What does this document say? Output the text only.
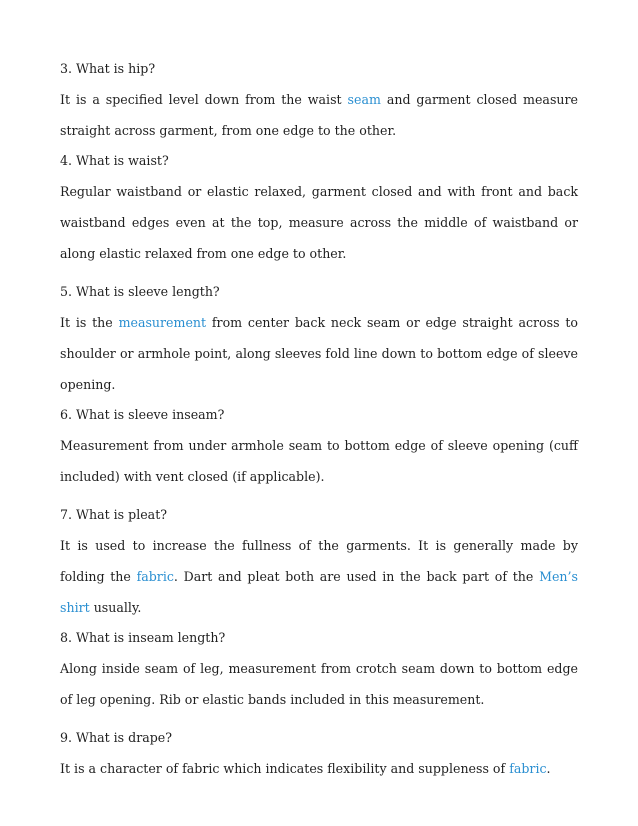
3. What is hip?

It is a specified level down from the waist seam and garment closed measure straight across garment, from one edge to the other.

4. What is waist?

Regular waistband or elastic relaxed, garment closed and with front and back waistband edges even at the top, measure across the middle of waistband or along elastic relaxed from one edge to other.

5. What is sleeve length?

It is the measurement from center back neck seam or edge straight across to shoulder or armhole point, along sleeves fold line down to bottom edge of sleeve opening.

6. What is sleeve inseam?

Measurement from under armhole seam to bottom edge of sleeve opening (cuff included) with vent closed (if applicable).

7. What is pleat?

It is used to increase the fullness of the garments. It is generally made by folding the fabric. Dart and pleat both are used in the back part of the Men’s shirt usually.

8. What is inseam length?

Along inside seam of leg, measurement from crotch seam down to bottom edge of leg opening. Rib or elastic bands included in this measurement.

9. What is drape?

It is a character of fabric which indicates flexibility and suppleness of fabric.
